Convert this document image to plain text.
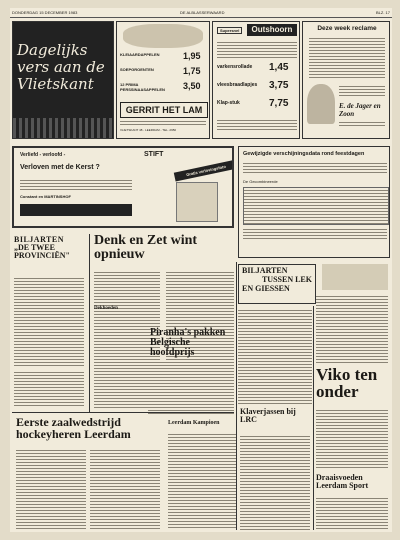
DONDERDAG 15 DECEMBER 1983	DE ALBLASSERWAARD	BLZ. 17
Dagelijks vers aan de Vlietskant
KLEIAARDAPPELEN	1,95
SOEPGROENTEN	1,75
12 PRIMA PERSSINAASAPPELEN	3,50
GERRIT HET LAM
VLIETSKANT 48 - LEERDAM - TEL. 2950
Supersnel	Outshoorn
varkensrollade 1,45
vleesbraadlapjes 3,75
Klap-stuk	7,75
Deze week reclame
E. de Jager en Zoon
Verliefd - verloofd -	STIFT
Verloven met de Kerst ?	Gratis verlovingsfoto
Constant en MARTINSHOF
Gewijzigde verschijningsdata rond feestdagen
De Gecombineerde
BILJARTEN
„DE TWEE
PROVINCIËN"
Denk en Zet wint opnieuw
Piranha's pakken Belgische hoofdprijs
Dekhoeden
BILJARTEN
TUSSEN LEK
EN GIESSEN
Viko ten onder
Klaverjassen bij LRC
Eerste zaalwedstrijd hockeyheren Leerdam
Leerdam Kampioen
Draaisvoeden Leerdam Sport
